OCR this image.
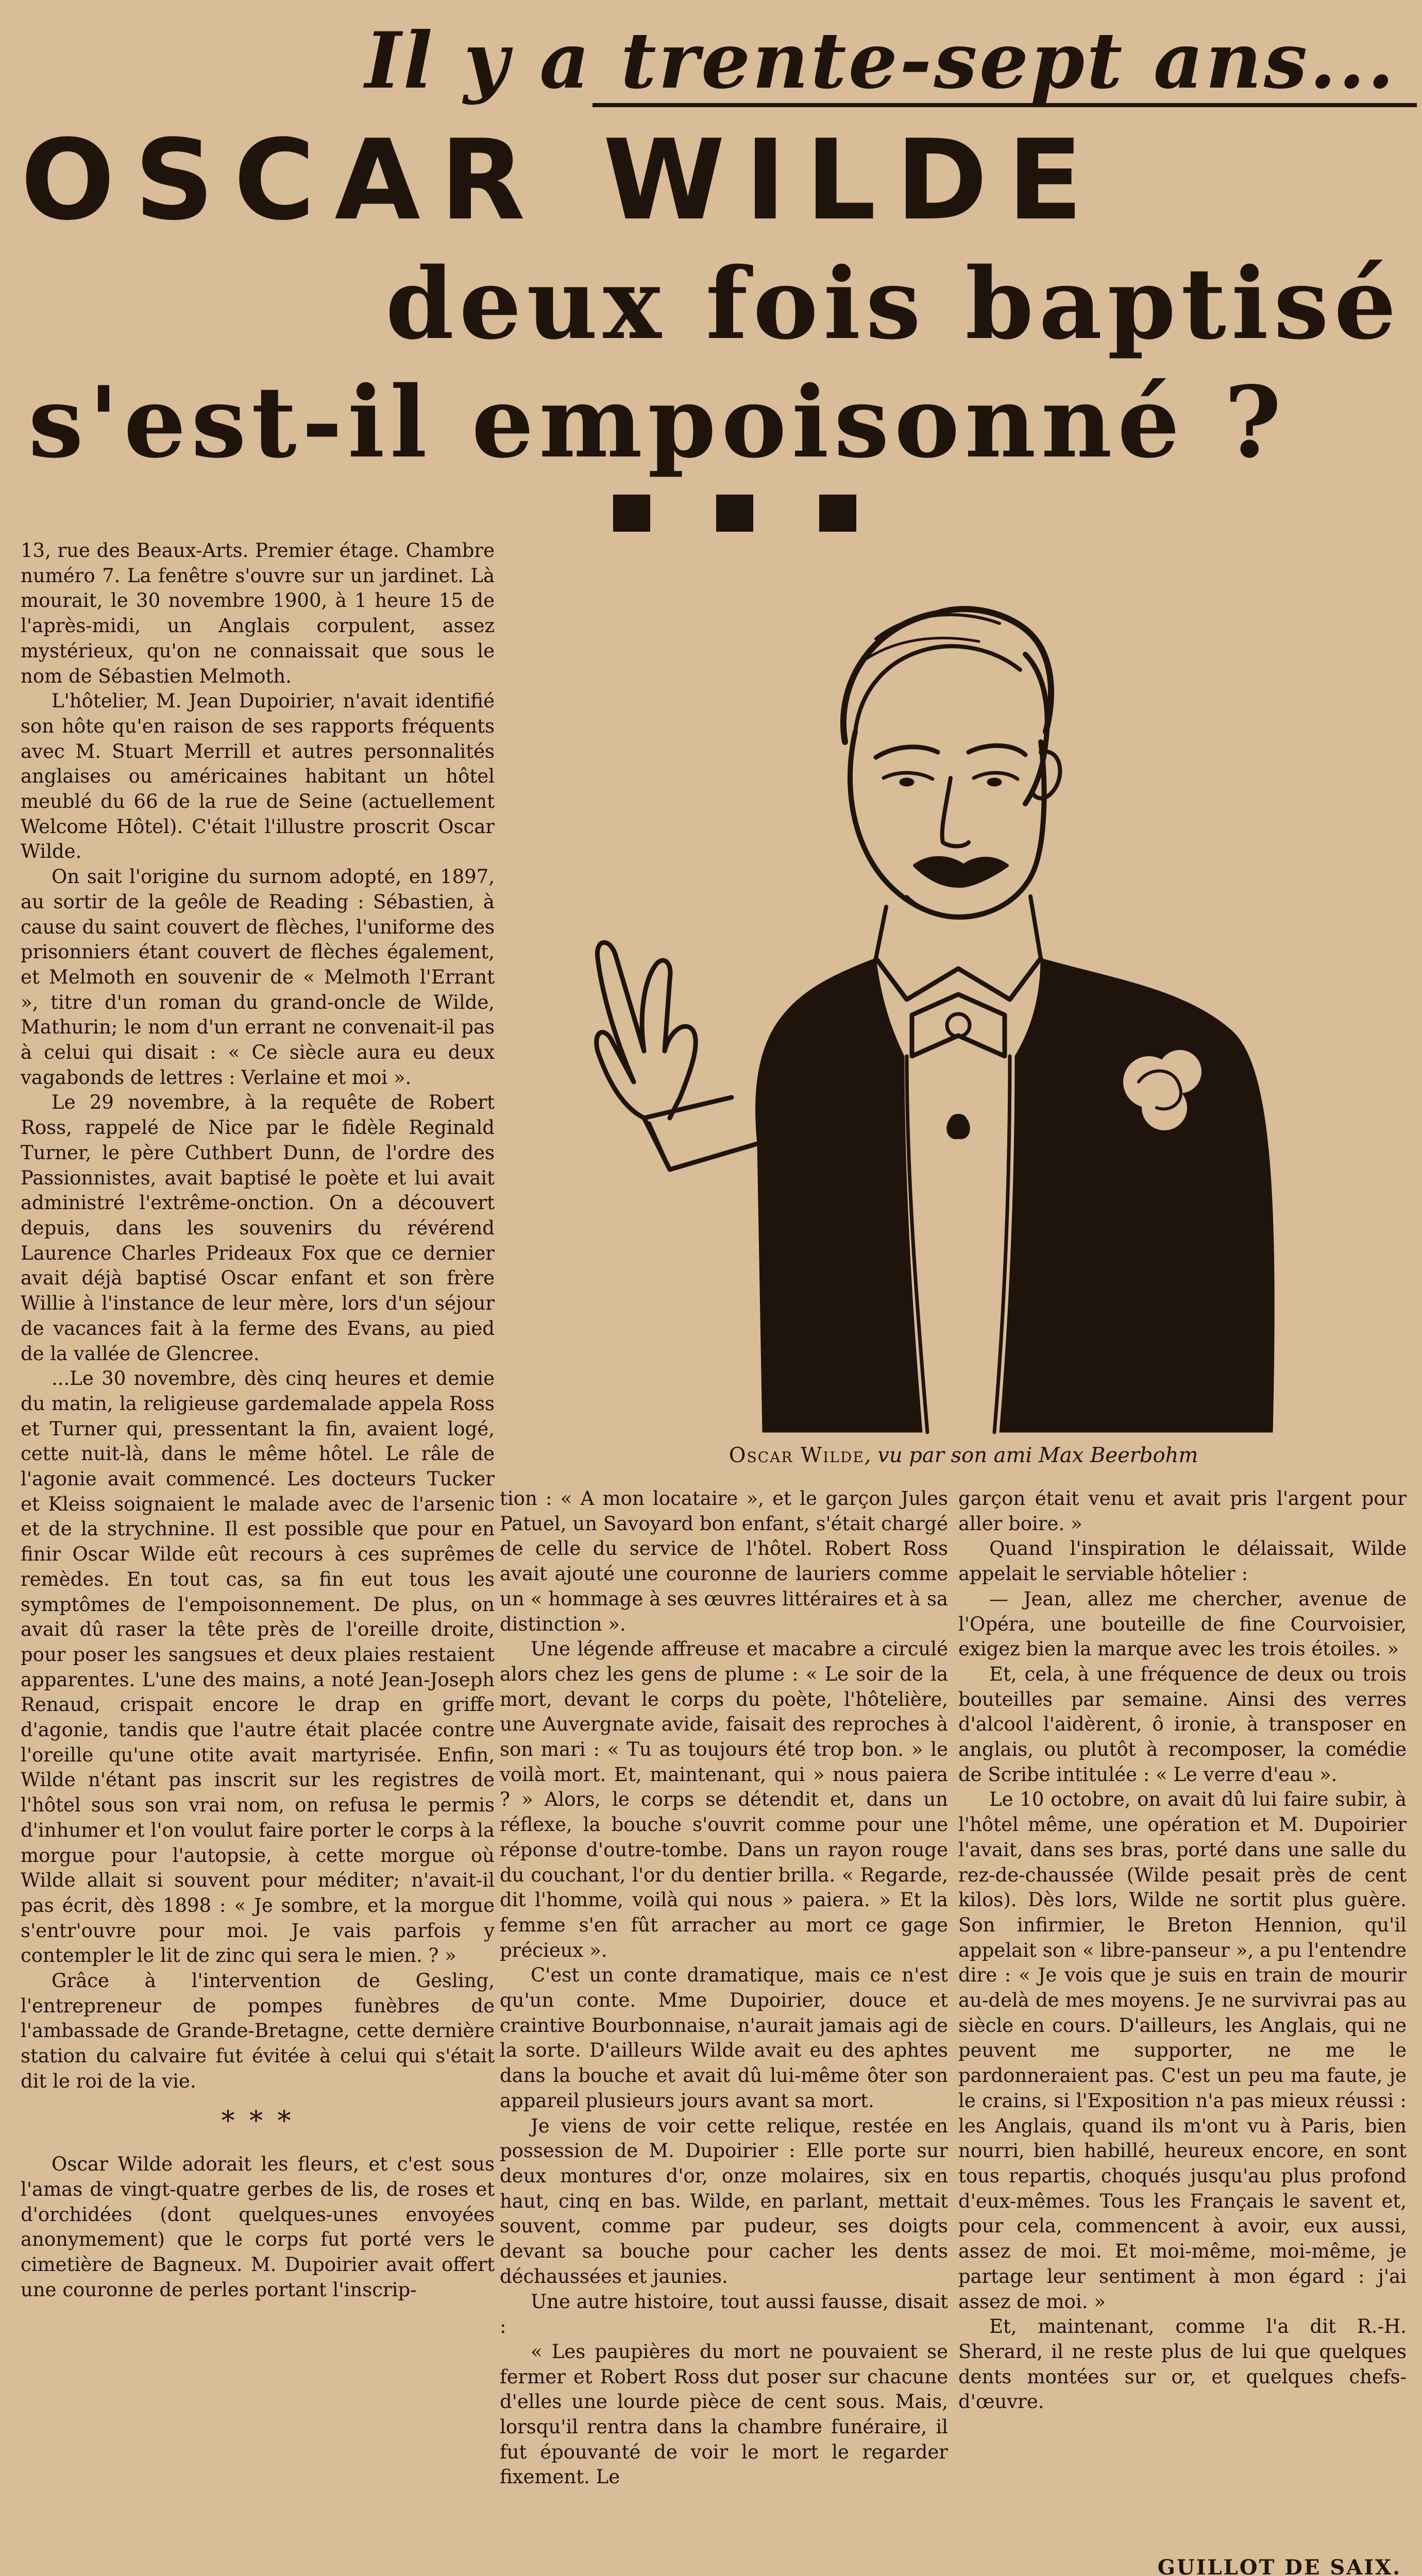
Il y a trente-sept ans...
OSCAR WILDE
deux fois baptisé
s'est-il empoisonné ?
Oscar Wilde, vu par son ami Max Beerbohm

13, rue des Beaux-Arts. Premier étage. Chambre numéro 7. La fenêtre s'ouvre sur un jardinet. Là mourait, le 30 novembre 1900, à 1 heure 15 de l'après-midi, un Anglais corpulent, assez mystérieux, qu'on ne connaissait que sous le nom de Sébastien Melmoth.

L'hôtelier, M. Jean Dupoirier, n'avait identifié son hôte qu'en raison de ses rapports fréquents avec M. Stuart Merrill et autres personnalités anglaises ou américaines habitant un hôtel meublé du 66 de la rue de Seine (actuellement Welcome Hôtel). C'était l'illustre proscrit Oscar Wilde.

On sait l'origine du surnom adopté, en 1897, au sortir de la geôle de Reading : Sébastien, à cause du saint couvert de flèches, l'uniforme des prisonniers étant couvert de flèches également, et Melmoth en souvenir de « Melmoth l'Errant », titre d'un roman du grand-oncle de Wilde, Mathurin; le nom d'un errant ne convenait-il pas à celui qui disait : « Ce siècle aura eu deux vagabonds de lettres : Verlaine et moi ».

Le 29 novembre, à la requête de Robert Ross, rappelé de Nice par le fidèle Reginald Turner, le père Cuthbert Dunn, de l'ordre des Passionnistes, avait baptisé le poète et lui avait administré l'extrême-onction. On a découvert depuis, dans les souvenirs du révérend Laurence Charles Prideaux Fox que ce dernier avait déjà baptisé Oscar enfant et son frère Willie à l'instance de leur mère, lors d'un séjour de vacances fait à la ferme des Evans, au pied de la vallée de Glencree.

...Le 30 novembre, dès cinq heures et demie du matin, la religieuse gardemalade appela Ross et Turner qui, pressentant la fin, avaient logé, cette nuit-là, dans le même hôtel. Le râle de l'agonie avait commencé. Les docteurs Tucker et Kleiss soignaient le malade avec de l'arsenic et de la strychnine. Il est possible que pour en finir Oscar Wilde eût recours à ces suprêmes remèdes. En tout cas, sa fin eut tous les symptômes de l'empoisonnement. De plus, on avait dû raser la tête près de l'oreille droite, pour poser les sangsues et deux plaies restaient apparentes. L'une des mains, a noté Jean-Joseph Renaud, crispait encore le drap en griffe d'agonie, tandis que l'autre était placée contre l'oreille qu'une otite avait martyrisée. Enfin, Wilde n'étant pas inscrit sur les registres de l'hôtel sous son vrai nom, on refusa le permis d'inhumer et l'on voulut faire porter le corps à la morgue pour l'autopsie, à cette morgue où Wilde allait si souvent pour méditer; n'avait-il pas écrit, dès 1898 : « Je sombre, et la morgue s'entr'ouvre pour moi. Je vais parfois y contempler le lit de zinc qui sera le mien. ? »

Grâce à l'intervention de Gesling, l'entrepreneur de pompes funèbres de l'ambassade de Grande-Bretagne, cette dernière station du calvaire fut évitée à celui qui s'était dit le roi de la vie.

* * *

Oscar Wilde adorait les fleurs, et c'est sous l'amas de vingt-quatre gerbes de lis, de roses et d'orchidées (dont quelques-unes envoyées anonymement) que le corps fut porté vers le cimetière de Bagneux. M. Dupoirier avait offert une couronne de perles portant l'inscrip-

tion : « A mon locataire », et le garçon Jules Patuel, un Savoyard bon enfant, s'était chargé de celle du service de l'hôtel. Robert Ross avait ajouté une couronne de lauriers comme un « hommage à ses œuvres littéraires et à sa distinction ».

Une légende affreuse et macabre a circulé alors chez les gens de plume : « Le soir de la mort, devant le corps du poète, l'hôtelière, une Auvergnate avide, faisait des reproches à son mari : « Tu as toujours été trop bon. » le voilà mort. Et, maintenant, qui » nous paiera ? » Alors, le corps se détendit et, dans un réflexe, la bouche s'ouvrit comme pour une réponse d'outre-tombe. Dans un rayon rouge du couchant, l'or du dentier brilla. « Regarde, dit l'homme, voilà qui nous » paiera. » Et la femme s'en fût arracher au mort ce gage précieux ».

C'est un conte dramatique, mais ce n'est qu'un conte. Mme Dupoirier, douce et craintive Bourbonnaise, n'aurait jamais agi de la sorte. D'ailleurs Wilde avait eu des aphtes dans la bouche et avait dû lui-même ôter son appareil plusieurs jours avant sa mort.

Je viens de voir cette relique, restée en possession de M. Dupoirier : Elle porte sur deux montures d'or, onze molaires, six en haut, cinq en bas. Wilde, en parlant, mettait souvent, comme par pudeur, ses doigts devant sa bouche pour cacher les dents déchaussées et jaunies.

Une autre histoire, tout aussi fausse, disait :

« Les paupières du mort ne pouvaient se fermer et Robert Ross dut poser sur chacune d'elles une lourde pièce de cent sous. Mais, lorsqu'il rentra dans la chambre funéraire, il fut épouvanté de voir le mort le regarder fixement. Le

garçon était venu et avait pris l'argent pour aller boire. »

Quand l'inspiration le délaissait, Wilde appelait le serviable hôtelier :

— Jean, allez me chercher, avenue de l'Opéra, une bouteille de fine Courvoisier, exigez bien la marque avec les trois étoiles. »

Et, cela, à une fréquence de deux ou trois bouteilles par semaine. Ainsi des verres d'alcool l'aidèrent, ô ironie, à transposer en anglais, ou plutôt à recomposer, la comédie de Scribe intitulée : « Le verre d'eau ».

Le 10 octobre, on avait dû lui faire subir, à l'hôtel même, une opération et M. Dupoirier l'avait, dans ses bras, porté dans une salle du rez-de-chaussée (Wilde pesait près de cent kilos). Dès lors, Wilde ne sortit plus guère. Son infirmier, le Breton Hennion, qu'il appelait son « libre-panseur », a pu l'entendre dire : « Je vois que je suis en train de mourir au-delà de mes moyens. Je ne survivrai pas au siècle en cours. D'ailleurs, les Anglais, qui ne peuvent me supporter, ne me le pardonneraient pas. C'est un peu ma faute, je le crains, si l'Exposition n'a pas mieux réussi : les Anglais, quand ils m'ont vu à Paris, bien nourri, bien habillé, heureux encore, en sont tous repartis, choqués jusqu'au plus profond d'eux-mêmes. Tous les Français le savent et, pour cela, commencent à avoir, eux aussi, assez de moi. Et moi-même, moi-même, je partage leur sentiment à mon égard : j'ai assez de moi. »

Et, maintenant, comme l'a dit R.-H. Sherard, il ne reste plus de lui que quelques dents montées sur or, et quelques chefs-d'œuvre.

GUILLOT DE SAIX.
